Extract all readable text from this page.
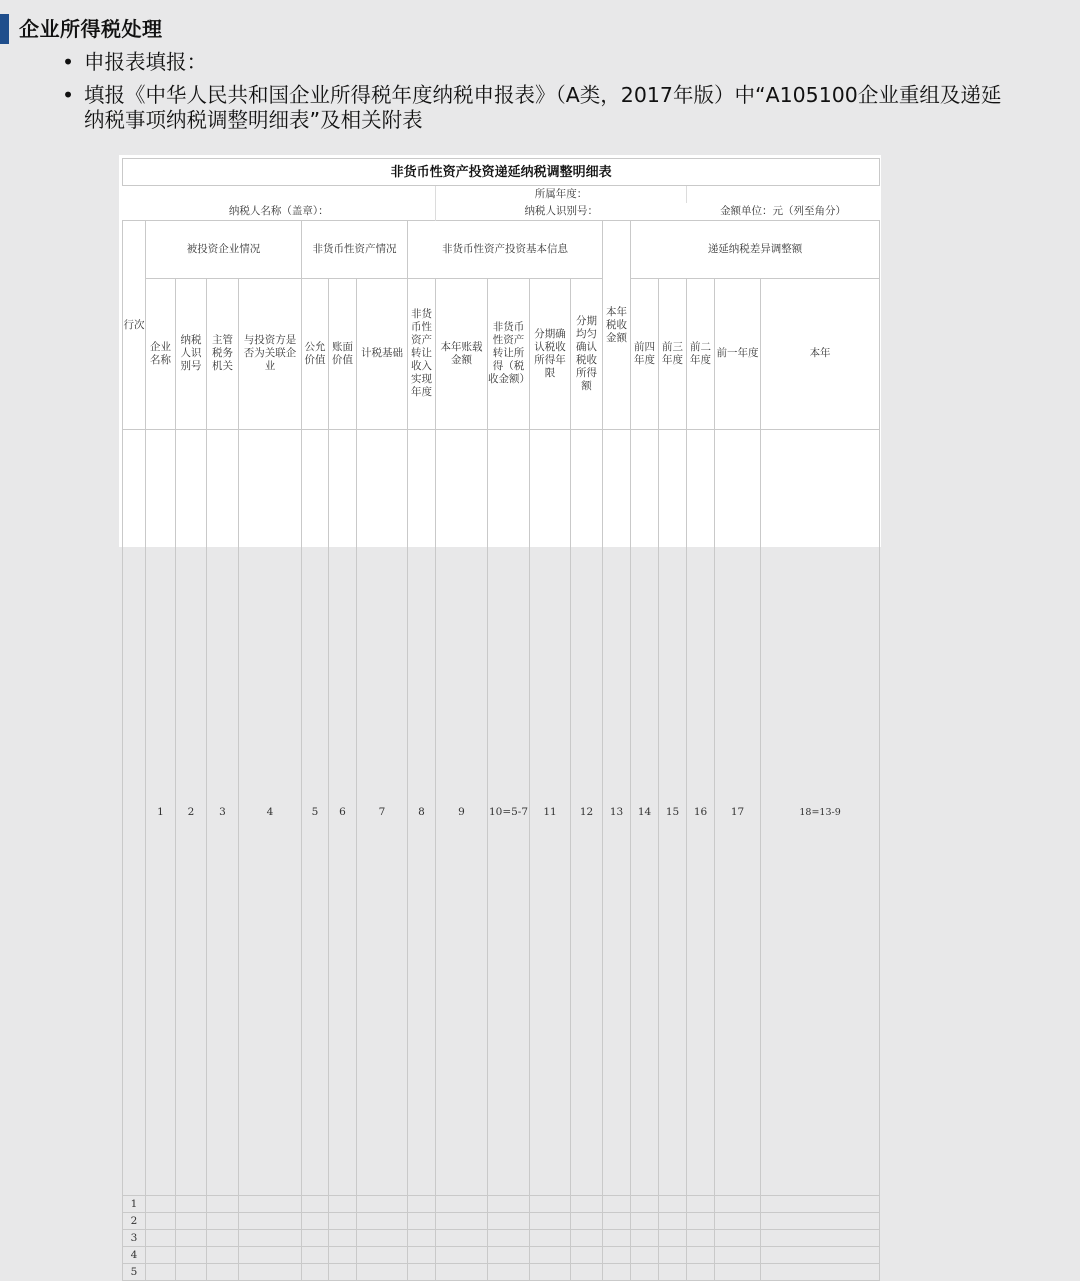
企业所得税处理
• 申报表填报：
• 填报《中华人民共和国企业所得税年度纳税申报表》（A类，2017年版）中“A105100企业重组及递延纳税事项纳税调整明细表”及相关附表
非货币性资产投资递延纳税调整明细表																			
									所属年度：										
纳税人名称（盖章）：									纳税人识别号：							金额单位：元（列至角分）			
行次	被投资企业情况				非货币性资产情况			非货币性资产投资基本信息					本年税收金额	递延纳税差异调整额	
	企业名称	纳税人识别号	主管税务机关	与投资方是否为关联企业	公允价值	账面价值	计税基础	非货币性资产转让收入实现年度	本年账载金额	非货币性资产转让所得（税收金额）	分期确认税收所得年限	分期均匀确认税收所得额		前四年度	前三年度	前二年度	前一年度	本年	
	1	2	3	4	5	6	7	8	9	10=5-7	11	12	13	14	15	16	17	18=13-9	
1																			
2																			
3																			
4																			
5																			
